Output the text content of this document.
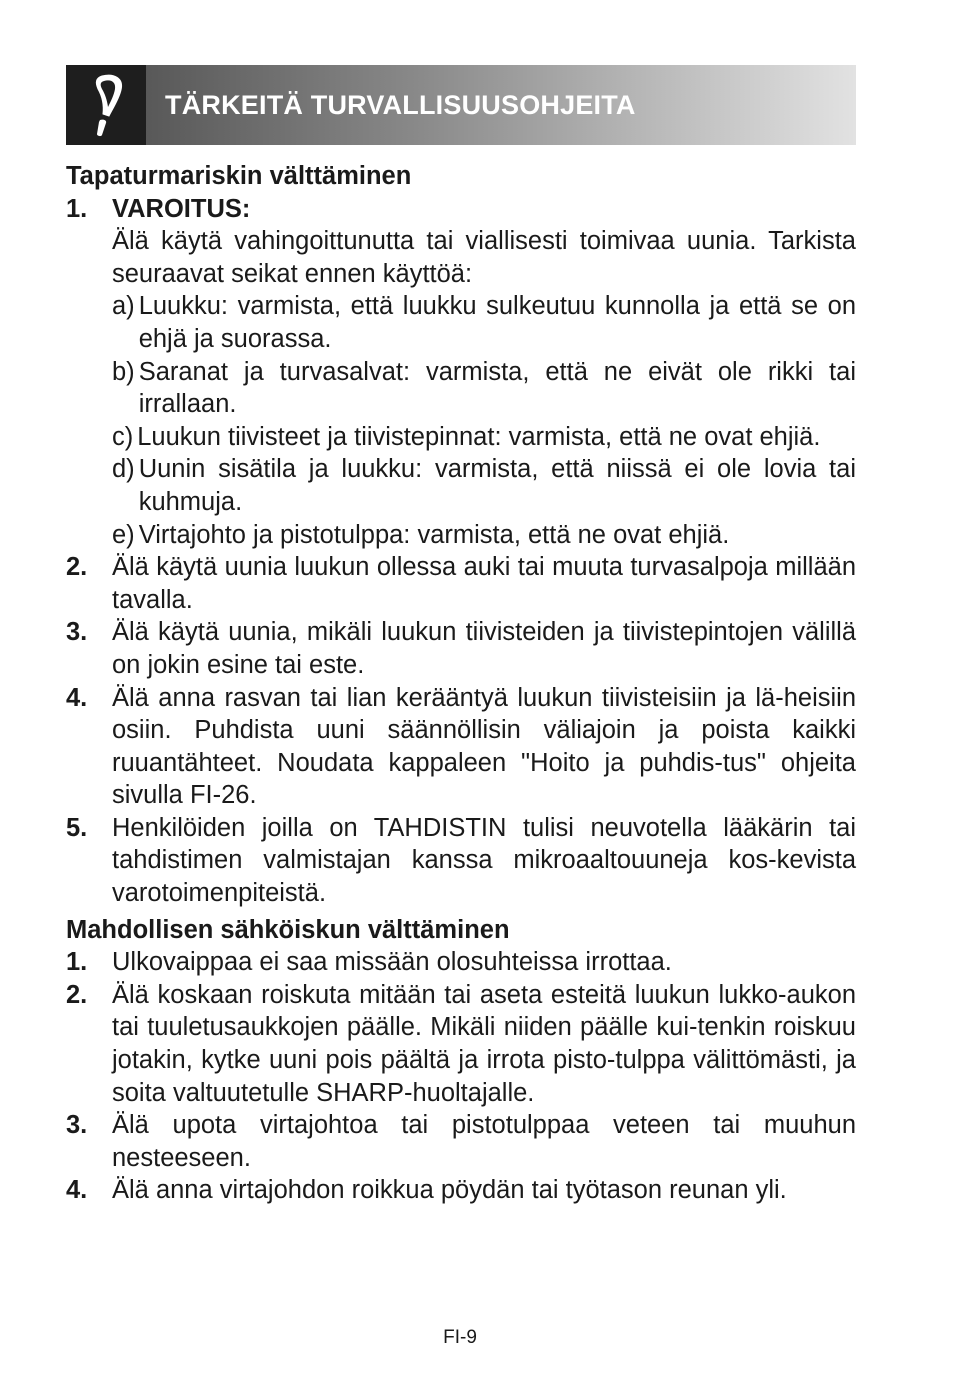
TÄRKEITÄ TURVALLISUUSOHJEITA
Tapaturmariskin välttäminen
1. VAROITUS:
Älä käytä vahingoittunutta tai viallisesti toimivaa uunia. Tarkista seuraavat seikat ennen käyttöä:
a) Luukku: varmista, että luukku sulkeutuu kunnolla ja että se on ehjä ja suorassa.
b) Saranat ja turvasalvat: varmista, että ne eivät ole rikki tai irrallaan.
c) Luukun tiivisteet ja tiivistepinnat: varmista, että ne ovat ehjiä.
d) Uunin sisätila ja luukku: varmista, että niissä ei ole lovia tai kuhmuja.
e) Virtajohto ja pistotulppa: varmista, että ne ovat ehjiä.
2. Älä käytä uunia luukun ollessa auki tai muuta turvasalpoja millään tavalla.
3. Älä käytä uunia, mikäli luukun tiivisteiden ja tiivistepintojen välillä on jokin esine tai este.
4. Älä anna rasvan tai lian kerääntyä luukun tiivisteisiin ja lä-heisiin osiin. Puhdista uuni säännöllisin väliajoin ja poista kaikki ruuantähteet. Noudata kappaleen "Hoito ja puhdis-tus" ohjeita sivulla FI-26.
5. Henkilöiden joilla on TAHDISTIN tulisi neuvotella lääkärin tai tahdistimen valmistajan kanssa mikroaaltouuneja kos-kevista varotoimenpiteistä.
Mahdollisen sähköiskun välttäminen
1. Ulkovaippaa ei saa missään olosuhteissa irrottaa.
2. Älä koskaan roiskuta mitään tai aseta esteitä luukun lukko-aukon tai tuuletusaukkojen päälle. Mikäli niiden päälle kui-tenkin roiskuu jotakin, kytke uuni pois päältä ja irrota pisto-tulppa välittömästi, ja soita valtuutetulle SHARP-huoltajalle.
3. Älä upota virtajohtoa tai pistotulppaa veteen tai muuhun nesteeseen.
4. Älä anna virtajohdon roikkua pöydän tai työtason reunan yli.
FI-9
